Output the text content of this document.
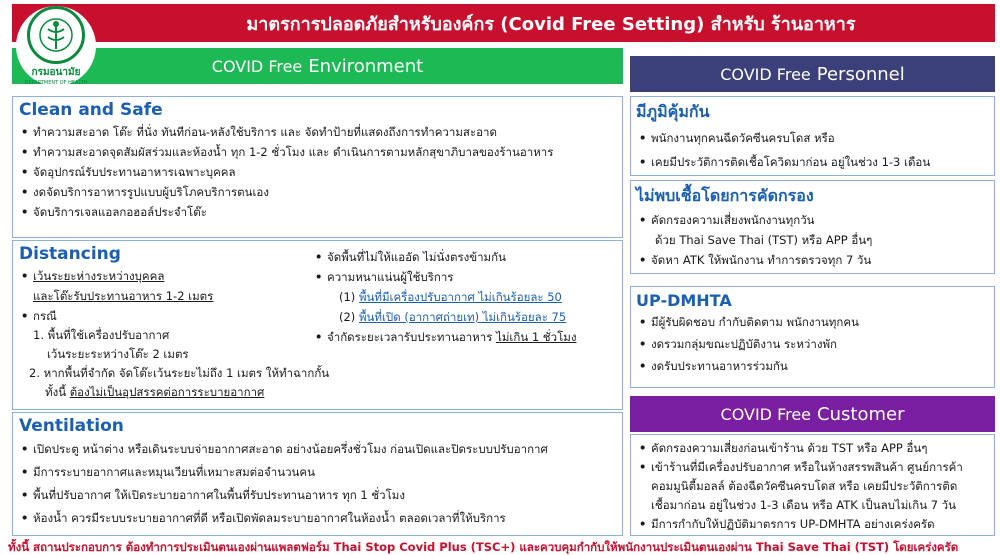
มาตรการปลอดภัยสำหรับองค์กร (Covid Free Setting) สำหรับ ร้านอาหาร
กรมอนามัย
DEPARTMENT OF HEALTH
COVID Free Environment	COVID Free Personnel
COVID Free Customer
Clean and Safe
• ทำความสะอาด โต๊ะ ที่นั่ง ทันทีก่อน-หลังใช้บริการ และ จัดทำป้ายที่แสดงถึงการทำความสะอาด
• ทำความสะอาดจุดสัมผัสร่วมและห้องน้ำ ทุก 1-2 ชั่วโมง และ ดำเนินการตามหลักสุขาภิบาลของร้านอาหาร
• จัดอุปกรณ์รับประทานอาหารเฉพาะบุคคล
• งดจัดบริการอาหารรูปแบบผู้บริโภคบริการตนเอง
• จัดบริการเจลแอลกอฮอล์ประจำโต๊ะ
Distancing
• เว้นระยะห่างระหว่างบุคคล
และโต๊ะรับประทานอาหาร 1-2 เมตร
• กรณี
1. พื้นที่ใช้เครื่องปรับอากาศ
เว้นระยะระหว่างโต๊ะ 2 เมตร
2. หากพื้นที่จำกัด จัดโต๊ะเว้นระยะไม่ถึง 1 เมตร ให้ทำฉากกั้น
ทั้งนี้ ต้องไม่เป็นอุปสรรคต่อการระบายอากาศ
• จัดพื้นที่ไม่ให้แออัด ไม่นั่งตรงข้ามกัน
• ความหนาแน่นผู้ใช้บริการ
(1) พื้นที่มีเครื่องปรับอากาศ ไม่เกินร้อยละ 50
(2) พื้นที่เปิด (อากาศถ่ายเท) ไม่เกินร้อยละ 75
• จำกัดระยะเวลารับประทานอาหาร ไม่เกิน 1 ชั่วโมง
Ventilation
• เปิดประตู หน้าต่าง หรือเดินระบบจ่ายอากาศสะอาด อย่างน้อยครึ่งชั่วโมง ก่อนเปิดและปิดระบบปรับอากาศ
• มีการระบายอากาศและหมุนเวียนที่เหมาะสมต่อจำนวนคน
• พื้นที่ปรับอากาศ ให้เปิดระบายอากาศในพื้นที่รับประทานอาหาร ทุก 1 ชั่วโมง
• ห้องน้ำ ควรมีระบบระบายอากาศที่ดี หรือเปิดพัดลมระบายอากาศในห้องน้ำ ตลอดเวลาที่ให้บริการ
มีภูมิคุ้มกัน
• พนักงานทุกคนฉีดวัคซีนครบโดส หรือ
• เคยมีประวัติการติดเชื้อโควิดมาก่อน อยู่ในช่วง 1-3 เดือน
ไม่พบเชื้อโดยการคัดกรอง
• คัดกรองความเสี่ยงพนักงานทุกวัน
ด้วย Thai Save Thai (TST) หรือ APP อื่นๆ
• จัดหา ATK ให้พนักงาน ทำการตรวจทุก 7 วัน
UP-DMHTA
• มีผู้รับผิดชอบ กำกับติดตาม พนักงานทุกคน
• งดรวมกลุ่มขณะปฏิบัติงาน ระหว่างพัก
• งดรับประทานอาหารร่วมกัน
• คัดกรองความเสี่ยงก่อนเข้าร้าน ด้วย TST หรือ APP อื่นๆ
• เข้าร้านที่มีเครื่องปรับอากาศ หรือในห้างสรรพสินค้า ศูนย์การค้า
คอมมูนิตี้มอลล์ ต้องฉีดวัคซีนครบโดส หรือ เคยมีประวัติการติด
เชื้อมาก่อน อยู่ในช่วง 1-3 เดือน หรือ ATK เป็นลบไม่เกิน 7 วัน
• มีการกำกับให้ปฏิบัติมาตรการ UP-DMHTA อย่างเคร่งครัด
ทั้งนี้ สถานประกอบการ ต้องทำการประเมินตนเองผ่านแพลตฟอร์ม Thai Stop Covid Plus (TSC+) และควบคุมกำกับให้พนักงานประเมินตนเองผ่าน Thai Save Thai (TST) โดยเคร่งครัด
